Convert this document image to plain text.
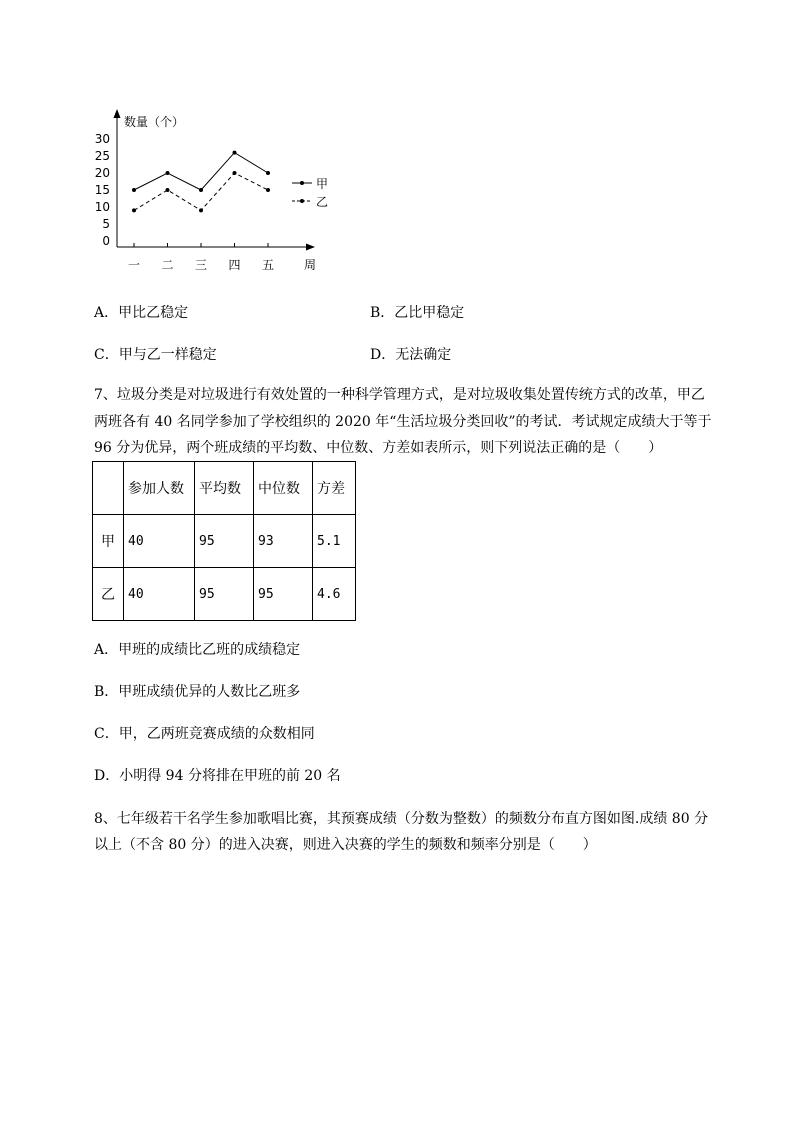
数量（个）
周
0
5
10
15
20
25
30
一 二 三 四 五
甲
乙
A．甲比乙稳定	B．乙比甲稳定
C．甲与乙一样稳定	D．无法确定
7、垃圾分类是对垃圾进行有效处置的一种科学管理方式，是对垃圾收集处置传统方式的改革，甲乙
两班各有 40 名同学参加了学校组织的 2020 年“生活垃圾分类回收”的考试．考试规定成绩大于等于
96 分为优异，两个班成绩的平均数、中位数、方差如表所示，则下列说法正确的是（　　）
	参加人数	平均数	中位数	方差
甲	40	95	93	5.1
乙	40	95	95	4.6
A．甲班的成绩比乙班的成绩稳定
B．甲班成绩优异的人数比乙班多
C．甲，乙两班竞赛成绩的众数相同
D．小明得 94 分将排在甲班的前 20 名
8、七年级若干名学生参加歌唱比赛，其预赛成绩（分数为整数）的频数分布直方图如图.成绩 80 分
以上（不含 80 分）的进入决赛，则进入决赛的学生的频数和频率分别是（　　）
